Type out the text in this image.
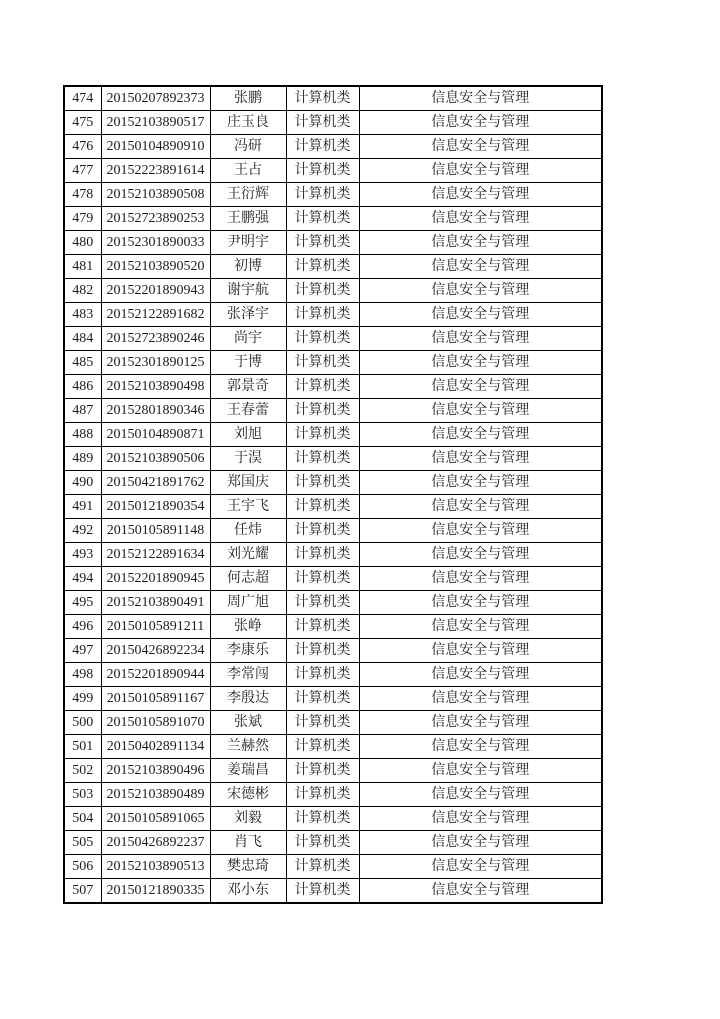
474	20150207892373	张鹏	计算机类	信息安全与管理
475	20152103890517	庄玉良	计算机类	信息安全与管理
476	20150104890910	冯研	计算机类	信息安全与管理
477	20152223891614	王占	计算机类	信息安全与管理
478	20152103890508	王衍辉	计算机类	信息安全与管理
479	20152723890253	王鹏强	计算机类	信息安全与管理
480	20152301890033	尹明宇	计算机类	信息安全与管理
481	20152103890520	初博	计算机类	信息安全与管理
482	20152201890943	谢宇航	计算机类	信息安全与管理
483	20152122891682	张泽宇	计算机类	信息安全与管理
484	20152723890246	尚宇	计算机类	信息安全与管理
485	20152301890125	于博	计算机类	信息安全与管理
486	20152103890498	郭景奇	计算机类	信息安全与管理
487	20152801890346	王春蕾	计算机类	信息安全与管理
488	20150104890871	刘旭	计算机类	信息安全与管理
489	20152103890506	于淏	计算机类	信息安全与管理
490	20150421891762	郑国庆	计算机类	信息安全与管理
491	20150121890354	王宇飞	计算机类	信息安全与管理
492	20150105891148	任炜	计算机类	信息安全与管理
493	20152122891634	刘光耀	计算机类	信息安全与管理
494	20152201890945	何志超	计算机类	信息安全与管理
495	20152103890491	周广旭	计算机类	信息安全与管理
496	20150105891211	张峥	计算机类	信息安全与管理
497	20150426892234	李康乐	计算机类	信息安全与管理
498	20152201890944	李常闯	计算机类	信息安全与管理
499	20150105891167	李殷达	计算机类	信息安全与管理
500	20150105891070	张斌	计算机类	信息安全与管理
501	20150402891134	兰赫然	计算机类	信息安全与管理
502	20152103890496	姜瑞昌	计算机类	信息安全与管理
503	20152103890489	宋德彬	计算机类	信息安全与管理
504	20150105891065	刘毅	计算机类	信息安全与管理
505	20150426892237	肖飞	计算机类	信息安全与管理
506	20152103890513	樊忠琦	计算机类	信息安全与管理
507	20150121890335	邓小东	计算机类	信息安全与管理
